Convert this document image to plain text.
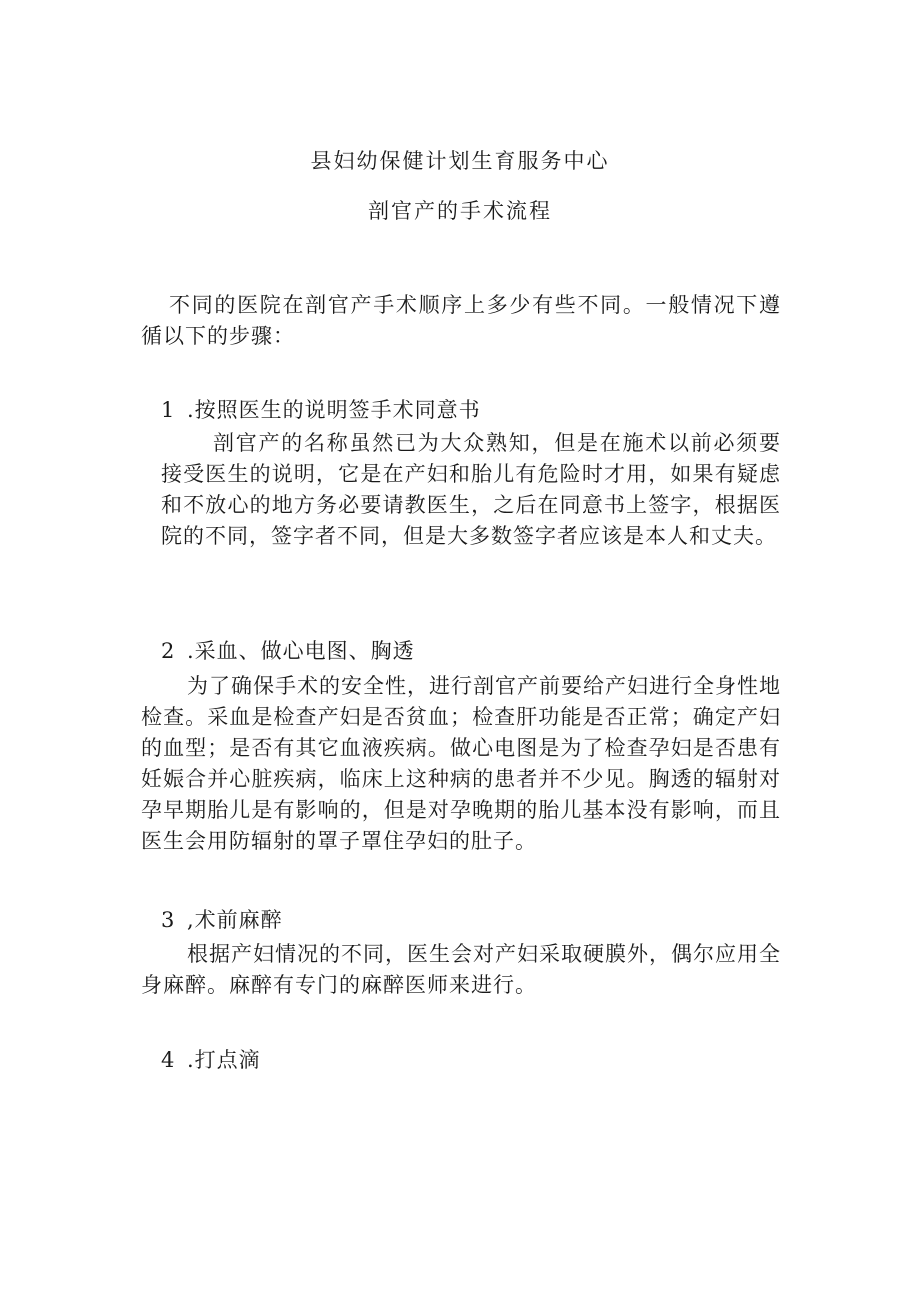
县妇幼保健计划生育服务中心
剖官产的手术流程
不同的医院在剖官产手术顺序上多少有些不同。一般情况下遵循以下的步骤：
1 .按照医生的说明签手术同意书
剖官产的名称虽然已为大众熟知，但是在施术以前必须要接受医生的说明，它是在产妇和胎儿有危险时才用，如果有疑虑和不放心的地方务必要请教医生，之后在同意书上签字，根据医院的不同，签字者不同，但是大多数签字者应该是本人和丈夫。
2 .采血、做心电图、胸透
为了确保手术的安全性，进行剖官产前要给产妇进行全身性地检查。采血是检查产妇是否贫血；检查肝功能是否正常；确定产妇的血型；是否有其它血液疾病。做心电图是为了检查孕妇是否患有妊娠合并心脏疾病，临床上这种病的患者并不少见。胸透的辐射对孕早期胎儿是有影响的，但是对孕晚期的胎儿基本没有影响，而且医生会用防辐射的罩子罩住孕妇的肚子。
3 ,术前麻醉
根据产妇情况的不同，医生会对产妇采取硬膜外，偶尔应用全身麻醉。麻醉有专门的麻醉医师来进行。
4 .打点滴
